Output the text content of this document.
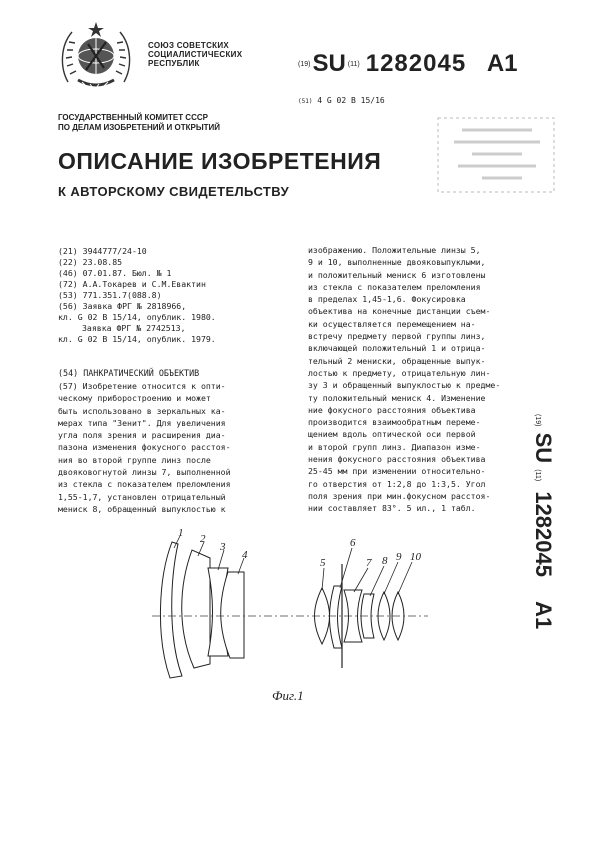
СОЮЗ СОВЕТСКИХ
СОЦИАЛИСТИЧЕСКИХ
РЕСПУБЛИК	(19)SU (11) 1282045 A1
(51) 4 G 02 B 15/16
ГОСУДАРСТВЕННЫЙ КОМИТЕТ СССР
ПО ДЕЛАМ ИЗОБРЕТЕНИЙ И ОТКРЫТИЙ
ОПИСАНИЕ ИЗОБРЕТЕНИЯ
К АВТОРСКОМУ СВИДЕТЕЛЬСТВУ
(21) 3944777/24-10
(22) 23.08.85
(46) 07.01.87. Бюл. № 1
(72) А.А.Токарев и С.М.Евактин
(53) 771.351.7(088.8)
(56) Заявка ФРГ № 2818966,
кл. G 02 B 15/14, опублик. 1980.
Заявка ФРГ № 2742513,
кл. G 02 B 15/14, опублик. 1979.
(54) ПАНКРАТИЧЕСКИЙ ОБЪЕКТИВ
(57) Изобретение относится к опти-
ческому приборостроению и может
быть использовано в зеркальных ка-
мерах типа "Зенит". Для увеличения
угла поля зрения и расширения диа-
пазона изменения фокусного расстоя-
ния во второй группе линз после
двояковогнутой линзы 7, выполненной
из стекла с показателем преломления
1,55-1,7, установлен отрицательный
мениск 8, обращенный выпуклостью к
изображению. Положительные линзы 5,
9 и 10, выполненные двояковыпуклыми,
и положительный мениск 6 изготовлены
из стекла с показателем преломления
в пределах 1,45-1,6. Фокусировка
объектива на конечные дистанции съем-
ки осуществляется перемещением на-
встречу предмету первой группы линз,
включающей положительный 1 и отрица-
тельный 2 мениски, обращенные выпук-
лостью к предмету, отрицательную лин-
зу 3 и обращенный выпуклостью к предме-
ту положительный мениск 4. Изменение
ние фокусного расстояния объектива
производится взаимообратным переме-
щением вдоль оптической оси первой
и второй групп линз. Диапазон изме-
нения фокусного расстояния объектива
25-45 мм при изменении относительно-
го отверстия от 1:2,8 до 1:3,5. Угол
поля зрения при мин.фокусном расстоя-
нии составляет 83°. 5 ил., 1 табл.
(19) SU (11) 1282045 A1
1 2
3
4
5
6
7 8 9 10
Фиг.1
